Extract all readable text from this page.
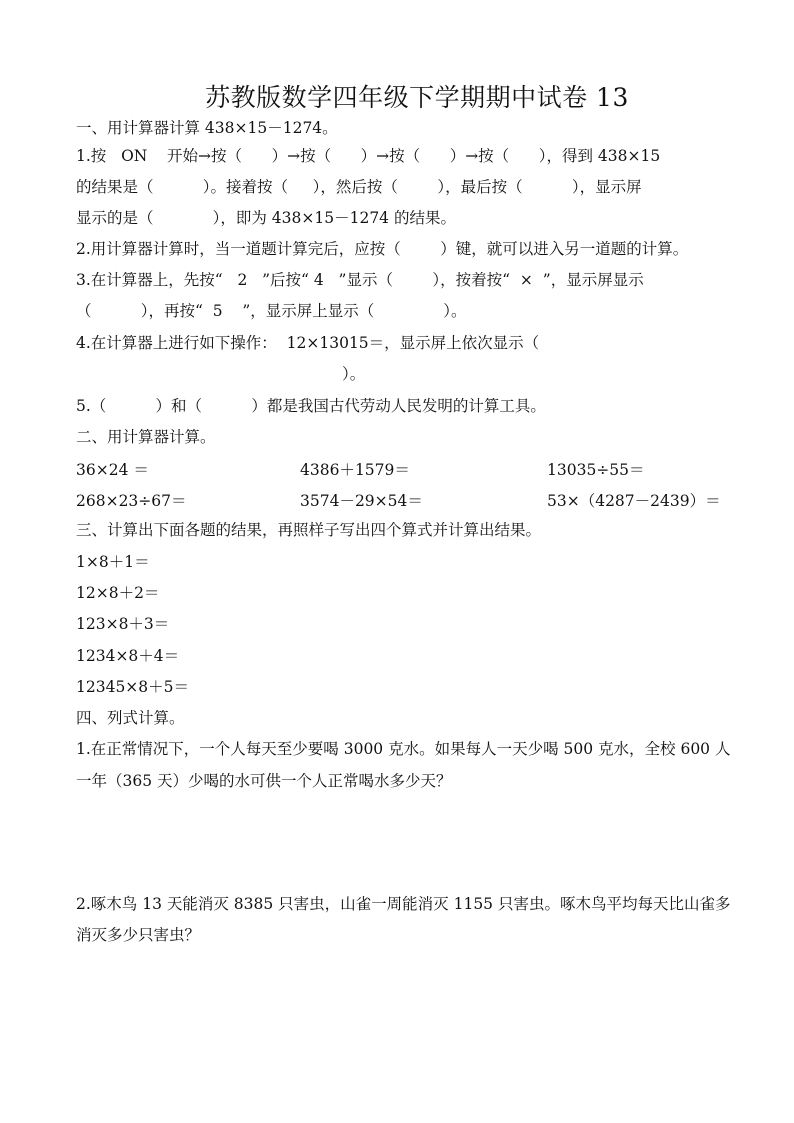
苏教版数学四年级下学期期中试卷 13
一、用计算器计算 438×15－1274。
1.按   ON    开始→按（      ）→按（      ）→按（      ）→按（      ），得到 438×15
的结果是（          ）。接着按（     ），然后按（        ），最后按（          ），显示屏
显示的是（            ），即为 438×15－1274 的结果。
2.用计算器计算时，当一道题计算完后，应按（        ）键，就可以进入另一道题的计算。
3.在计算器上，先按“   2   ”后按“ 4   ”显示（        ），按着按“  ×  ”，显示屏显示
（          ），再按“  5    ”，显示屏上显示（              ）。
4.在计算器上进行如下操作：  12×13015＝，显示屏上依次显示（
）。
5.（          ）和（          ）都是我国古代劳动人民发明的计算工具。
二、用计算器计算。
36×24 ＝	4386＋1579＝	13035÷55＝
268×23÷67＝	3574－29×54＝	53×（4287－2439）＝
三、计算出下面各题的结果，再照样子写出四个算式并计算出结果。
1×8＋1＝
12×8＋2＝
123×8＋3＝
1234×8＋4＝
12345×8＋5＝
四、列式计算。
1.在正常情况下，一个人每天至少要喝 3000 克水。如果每人一天少喝 500 克水，全校 600 人
一年（365 天）少喝的水可供一个人正常喝水多少天？
2.啄木鸟 13 天能消灭 8385 只害虫，山雀一周能消灭 1155 只害虫。啄木鸟平均每天比山雀多
消灭多少只害虫？
